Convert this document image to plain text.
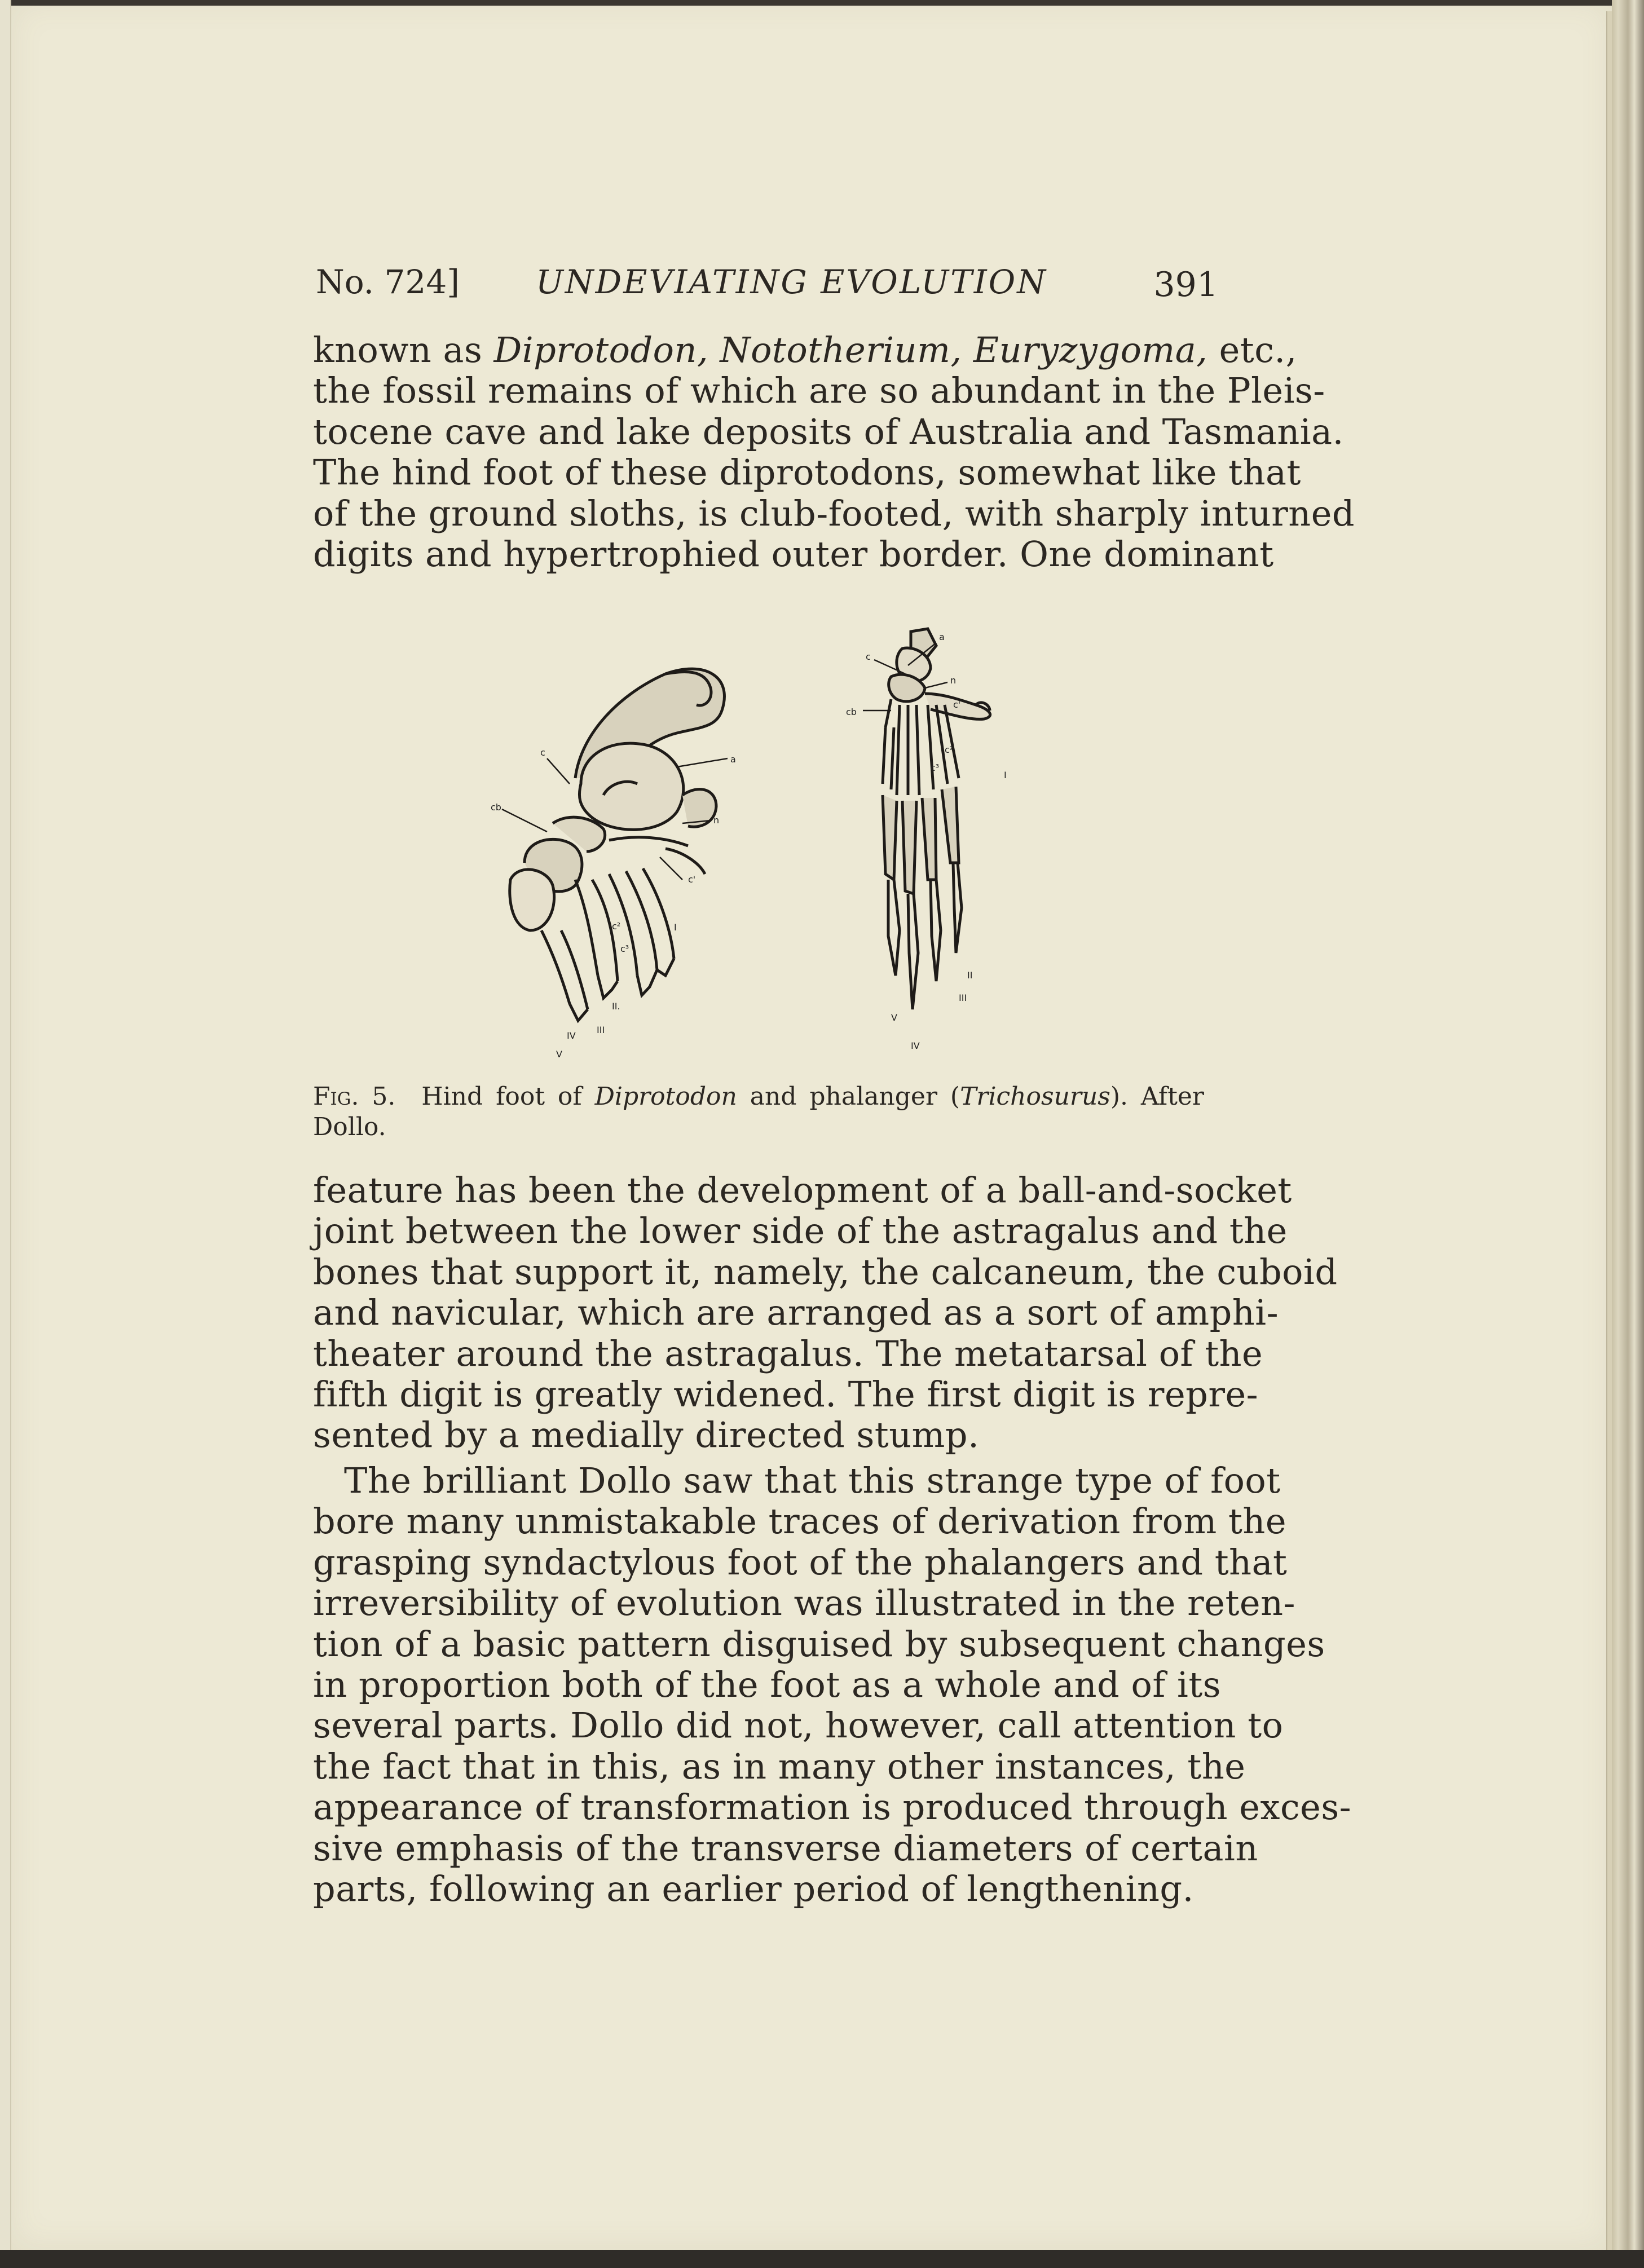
No. 724] UNDEVIATING EVOLUTION	391
known as Diprotodon, Nototherium, Euryzygoma,
the fossil remains of which are so abundant in the Pleis-
tocene cave and lake deposits of Australia and Tasmania.
The hind foot of these diprotodons, somewhat like that
of the ground sloths, is club-footed, with sharply inturned
digits and hypertrophied outer border. One dominant
a
c
cb
n
c'
c²
c³
I
II.
III
IV
V
a
c
n
cb
c'
c²
c³
I
II
III
IV
V
Fig. 5. Hind foot of Diprotodon and phalanger (Trichosurus). After
Dollo.
feature has been the development of a ball-and-socket
joint between the lower side of the astragalus and the
bones that support it, namely, the calcaneum, the cuboid
and navicular, which are arranged as a sort of amphi-
theater around the astragalus. The metatarsal of the
fifth digit is greatly widened. The first digit is repre-
sented by a medially directed stump.
The brilliant Dollo saw that this strange type of foot
bore many unmistakable traces of derivation from the
grasping syndactylous foot of the phalangers and that
irreversibility of evolution was illustrated in the reten-
tion of a basic pattern disguised by subsequent changes
in proportion both of the foot as a whole and of its
several parts. Dollo did not, however, call attention to
the fact that in this, as in many other instances, the
appearance of transformation is produced through exces-
sive emphasis of the transverse diameters of certain
parts, following an earlier period of lengthening.
